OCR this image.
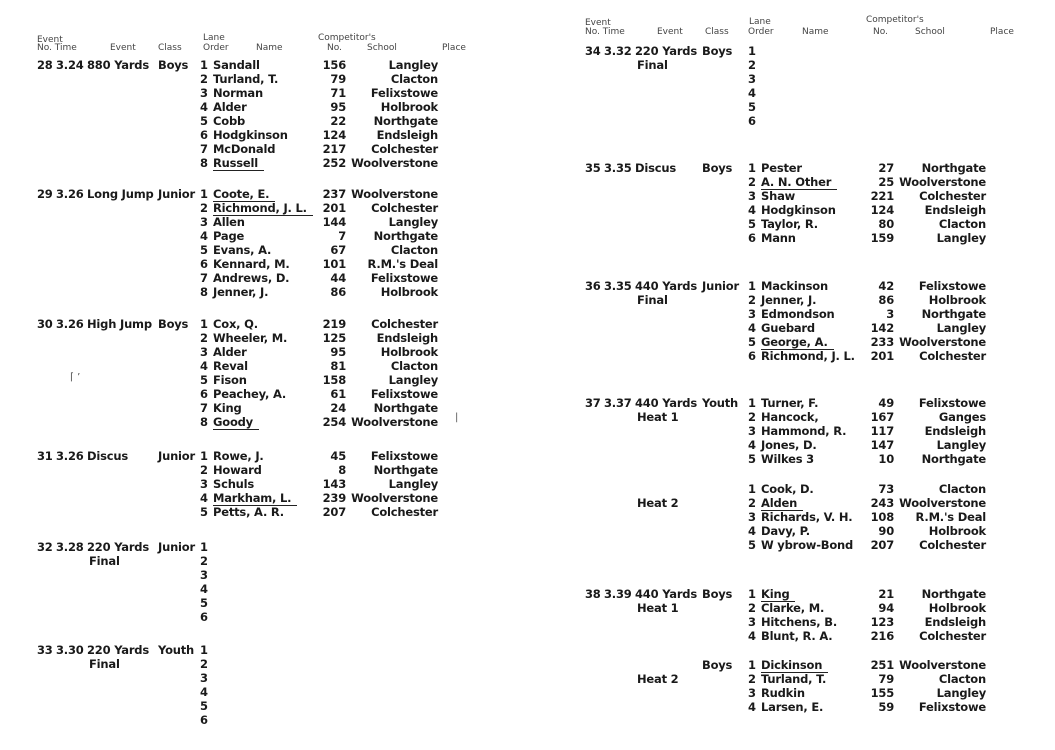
Event
No. Time	Event Class Order	Name	No.	School	Place
Lane	Competitor's
Event
No. Time	Event Class Order	Name	No.	School	Place
Lane	Competitor's
28 3.24 880 Yards Boys 1 Sandall	156	Langley
2 Turland, T.	79	Clacton
3 Norman	71	Felixstowe
4 Alder	95	Holbrook
5 Cobb	22	Northgate
6 Hodgkinson	124	Endsleigh
7 McDonald	217	Colchester
8 Russell	252 Woolverstone
29 3.26 Long Jump Junior 1 Coote, E.	237 Woolverstone
2 Richmond, J. L.	201	Colchester
3 Allen	144	Langley
4 Page	7	Northgate
5 Evans, A.	67	Clacton
6 Kennard, M.	101	R.M.'s Deal
7 Andrews, D.	44	Felixstowe
8 Jenner, J.	86	Holbrook
30 3.26 High Jump Boys 1 Cox, Q.	219	Colchester
2 Wheeler, M.	125	Endsleigh
3 Alder	95	Holbrook
4 Reval	81	Clacton
5 Fison	158	Langley
6 Peachey, A.	61	Felixstowe
7 King	24	Northgate
8 Goody	254 Woolverstone
31 3.26 Discus	Junior 1 Rowe, J.	45	Felixstowe
2 Howard	8	Northgate
3 Schuls	143	Langley
4 Markham, L.	239 Woolverstone
5 Petts, A. R.	207	Colchester
32 3.28 220 Yards Junior
Final
1
2
3
4
5
6
33 3.30 220 Yards Youth
Final
1
2
3
4
5
6
34 3.32 220 Yards Boys
Final
1
2
3
4
5
6
35 3.35 Discus Boys 1 Pester	27	Northgate
2 A. N. Other	25 Woolverstone
3 Shaw	221	Colchester
4 Hodgkinson	124	Endsleigh
5 Taylor, R.	80	Clacton
6 Mann	159	Langley
36 3.35 440 Yards Junior
Final
1 Mackinson	42	Felixstowe
2 Jenner, J.	86	Holbrook
3 Edmondson	3	Northgate
4 Guebard	142	Langley
5 George, A.	233 Woolverstone
6 Richmond, J. L.	201	Colchester
37 3.37 440 Yards Youth
Heat 1
1 Turner, F.	49	Felixstowe
2 Hancock,	167	Ganges
3 Hammond, R.	117	Endsleigh
4 Jones, D.	147	Langley
5 Wilkes 3	10	Northgate
Heat 2
1 Cook, D.	73	Clacton
2 Alden	243 Woolverstone
3 Richards, V. H.	108	R.M.'s Deal
4 Davy, P.	90	Holbrook
5 W ybrow-Bond	207	Colchester
38 3.39 440 Yards Boys
Heat 1
1 King	21	Northgate
2 Clarke, M.	94	Holbrook
3 Hitchens, B.	123	Endsleigh
4 Blunt, R. A.	216	Colchester
Boys
Heat 2
1 Dickinson	251 Woolverstone
2 Turland, T.	79	Clacton
3 Rudkin	155	Langley
4 Larsen, E.	59	Felixstowe
⌈ ’
|
